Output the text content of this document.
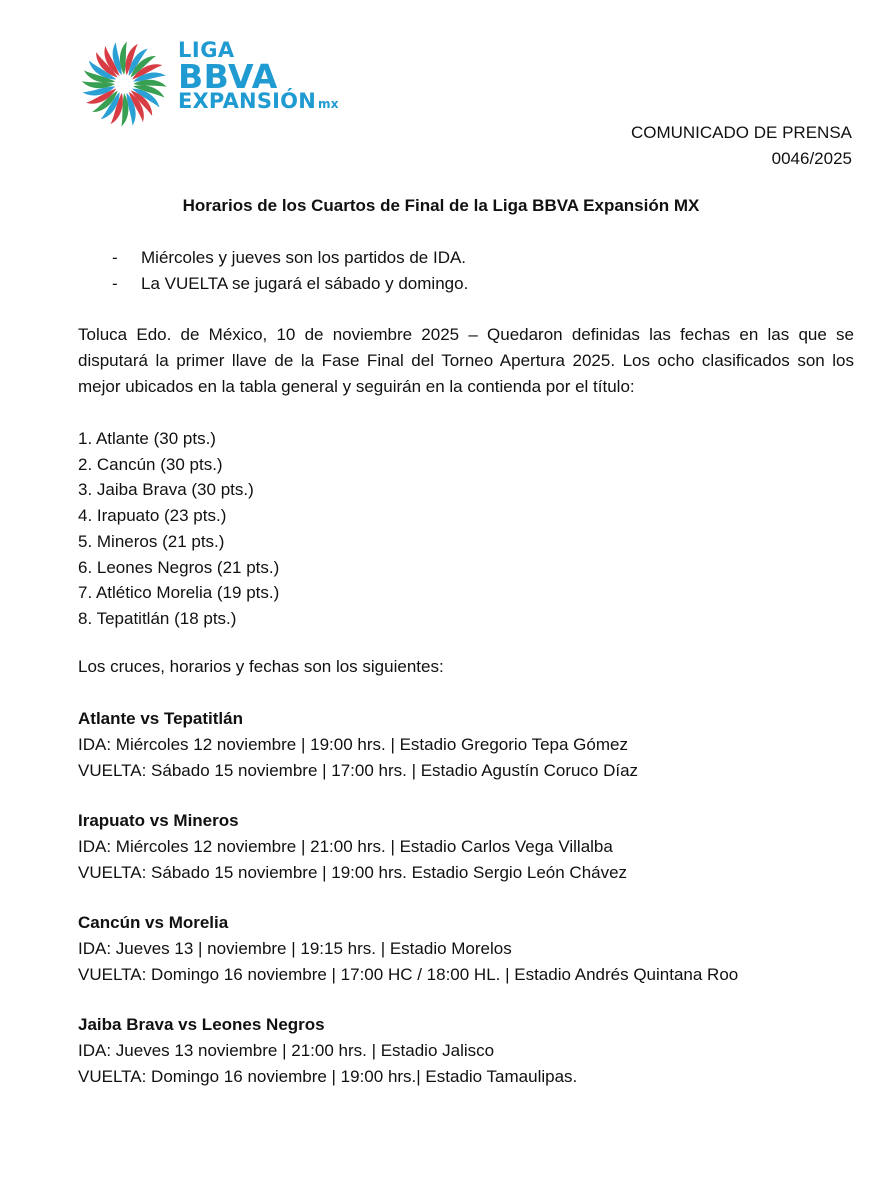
LIGA
BBVA
EXPANSIÓN mx
COMUNICADO DE PRENSA
0046/2025
Horarios de los Cuartos de Final de la Liga BBVA Expansión MX
-	Miércoles y jueves son los partidos de IDA.
-	La VUELTA se jugará el sábado y domingo.

Toluca Edo. de México, 10 de noviembre 2025 – Quedaron definidas las fechas en las que se disputará la primer llave de la Fase Final del Torneo Apertura 2025. Los ocho clasificados son los mejor ubicados en la tabla general y seguirán en la contienda por el título:

1. Atlante (30 pts.)
2. Cancún (30 pts.)
3. Jaiba Brava (30 pts.)
4. Irapuato (23 pts.)
5. Mineros (21 pts.)
6. Leones Negros (21 pts.)
7. Atlético Morelia (19 pts.)
8. Tepatitlán (18 pts.)
Los cruces, horarios y fechas son los siguientes:
Atlante vs Tepatitlán
IDA: Miércoles 12 noviembre | 19:00 hrs. | Estadio Gregorio Tepa Gómez
VUELTA: Sábado 15 noviembre | 17:00 hrs. | Estadio Agustín Coruco Díaz
Irapuato vs Mineros
IDA: Miércoles 12 noviembre | 21:00 hrs. | Estadio Carlos Vega Villalba
VUELTA: Sábado 15 noviembre | 19:00 hrs. Estadio Sergio León Chávez
Cancún vs Morelia
IDA: Jueves 13 | noviembre | 19:15 hrs. | Estadio Morelos
VUELTA: Domingo 16 noviembre | 17:00 HC / 18:00 HL. | Estadio Andrés Quintana Roo
Jaiba Brava vs Leones Negros
IDA: Jueves 13 noviembre | 21:00 hrs. | Estadio Jalisco
VUELTA: Domingo 16 noviembre | 19:00 hrs.| Estadio Tamaulipas.
